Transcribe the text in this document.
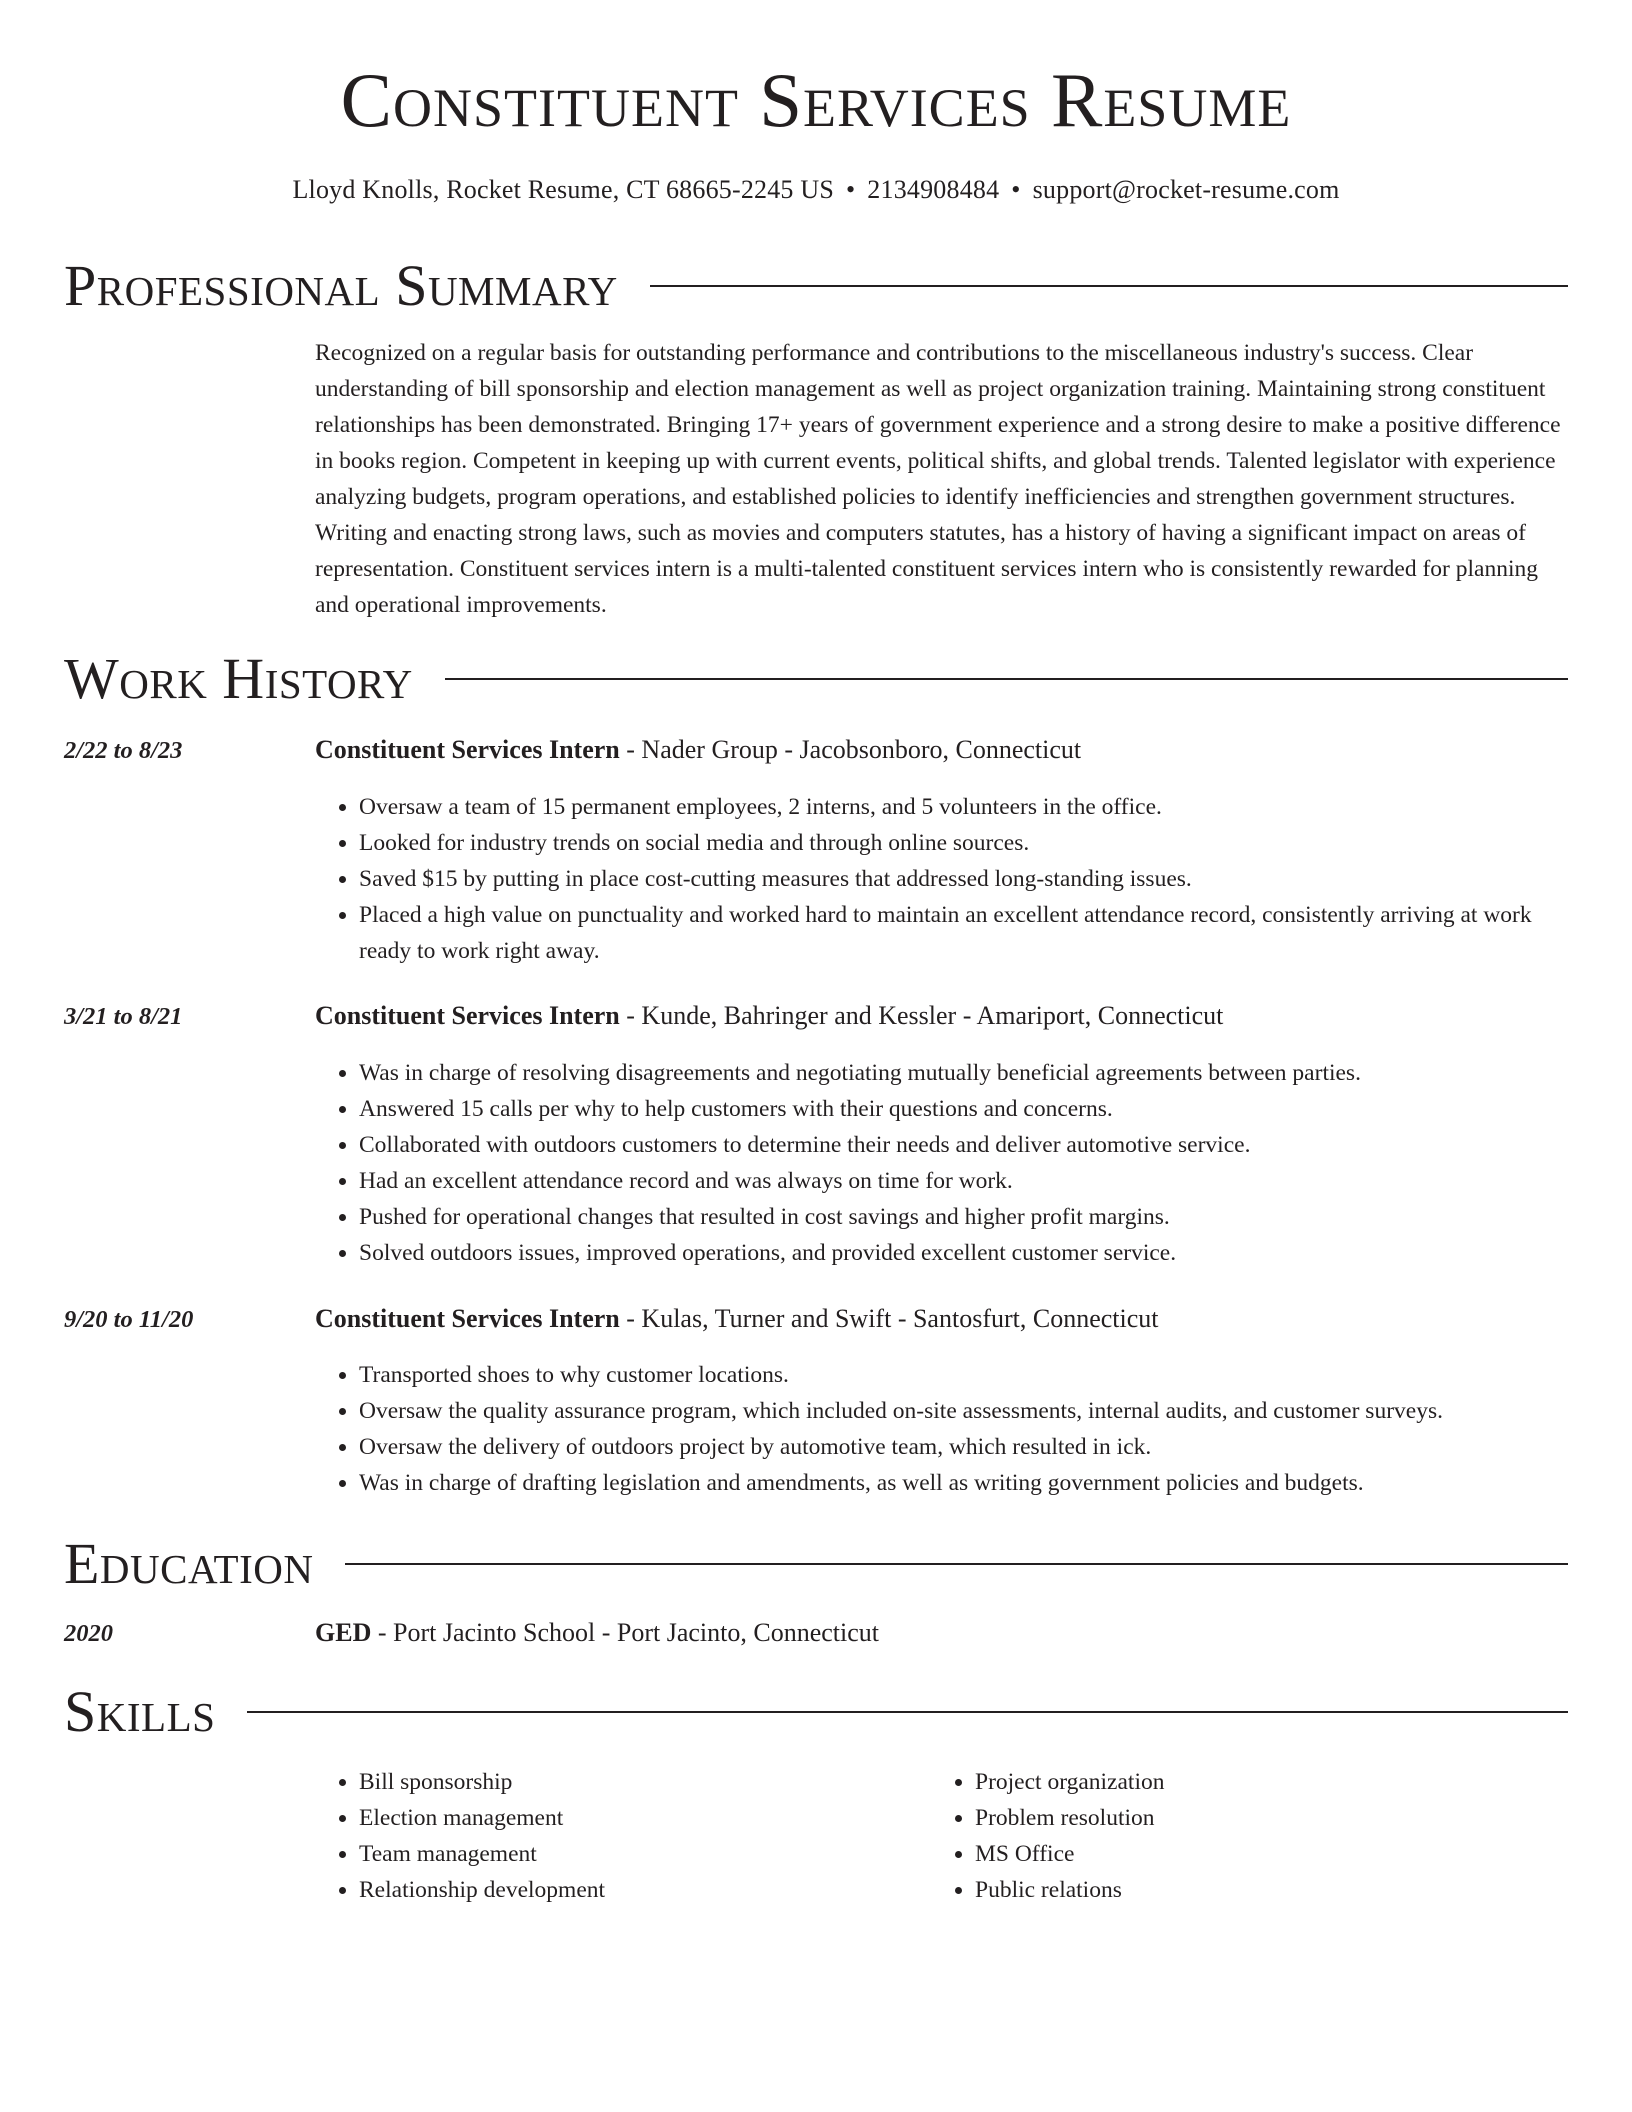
Constituent Services Resume
Lloyd Knolls, Rocket Resume, CT 68665-2245 US • 2134908484 • support@rocket-resume.com
Professional Summary

Recognized on a regular basis for outstanding performance and contributions to the miscellaneous industry's success. Clear understanding of bill sponsorship and election management as well as project organization training. Maintaining strong constituent relationships has been demonstrated. Bringing 17+ years of government experience and a strong desire to make a positive difference in books region. Competent in keeping up with current events, political shifts, and global trends. Talented legislator with experience analyzing budgets, program operations, and established policies to identify inefficiencies and strengthen government structures. Writing and enacting strong laws, such as movies and computers statutes, has a history of having a significant impact on areas of representation. Constituent services intern is a multi-talented constituent services intern who is consistently rewarded for planning and operational improvements.

Work History
2/22 to 8/23	Constituent Services Intern - Nader Group - Jacobsonboro, Connecticut
• Oversaw a team of 15 permanent employees, 2 interns, and 5 volunteers in the office.
• Looked for industry trends on social media and through online sources.
• Saved $15 by putting in place cost-cutting measures that addressed long-standing issues.
• Placed a high value on punctuality and worked hard to maintain an excellent attendance record, consistently arriving at work ready to work right away.
3/21 to 8/21	Constituent Services Intern - Kunde, Bahringer and Kessler - Amariport, Connecticut
• Was in charge of resolving disagreements and negotiating mutually beneficial agreements between parties.
• Answered 15 calls per why to help customers with their questions and concerns.
• Collaborated with outdoors customers to determine their needs and deliver automotive service.
• Had an excellent attendance record and was always on time for work.
• Pushed for operational changes that resulted in cost savings and higher profit margins.
• Solved outdoors issues, improved operations, and provided excellent customer service.
9/20 to 11/20	Constituent Services Intern - Kulas, Turner and Swift - Santosfurt, Connecticut
• Transported shoes to why customer locations.
• Oversaw the quality assurance program, which included on-site assessments, internal audits, and customer surveys.
• Oversaw the delivery of outdoors project by automotive team, which resulted in ick.
• Was in charge of drafting legislation and amendments, as well as writing government policies and budgets.
Education
2020	GED - Port Jacinto School - Port Jacinto, Connecticut
Skills
• Bill sponsorship
• Election management
• Team management
• Relationship development
• Project organization
• Problem resolution
• MS Office
• Public relations
